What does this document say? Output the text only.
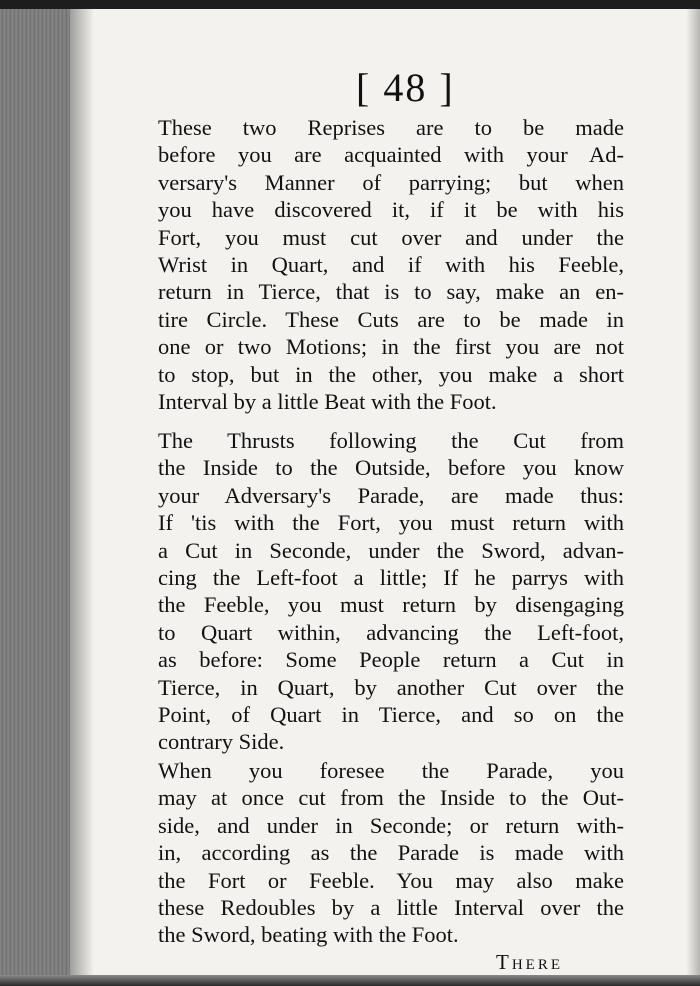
[ 48 ]
These two Reprises are to be made
before you are acquainted with your Ad-
versary's Manner of parrying; but when
you have discovered it, if it be with his
Fort, you must cut over and under the
Wrist in Quart, and if with his Feeble,
return in Tierce, that is to say, make an en-
tire Circle. These Cuts are to be made in
one or two Motions; in the first you are not
to stop, but in the other, you make a short
Interval by a little Beat with the Foot.
The Thrusts following the Cut from
the Inside to the Outside, before you know
your Adversary's Parade, are made thus:
If 'tis with the Fort, you must return with
a Cut in Seconde, under the Sword, advan-
cing the Left-foot a little; If he parrys with
the Feeble, you must return by disengaging
to Quart within, advancing the Left-foot,
as before: Some People return a Cut in
Tierce, in Quart, by another Cut over the
Point, of Quart in Tierce, and so on the
contrary Side.
When you foresee the Parade, you
may at once cut from the Inside to the Out-
side, and under in Seconde; or return with-
in, according as the Parade is made with
the Fort or Feeble. You may also make
these Redoubles by a little Interval over the
the Sword, beating with the Foot.
There
